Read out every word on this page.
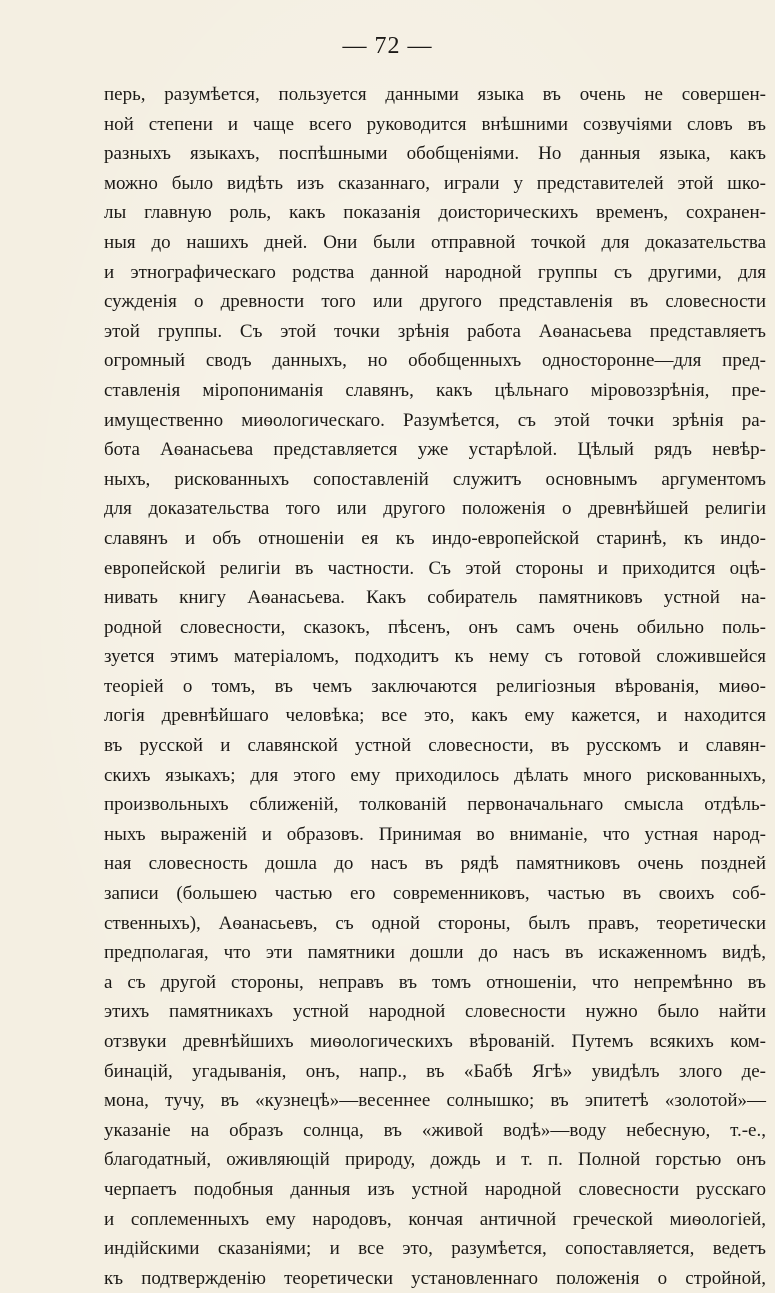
— 72 —
перь, разумѣется, пользуется данными языка въ очень не совершен-
ной степени и чаще всего руководится внѣшними созвучіями словъ въ
разныхъ языкахъ, поспѣшными обобщеніями. Но данныя языка, какъ
можно было видѣть изъ сказаннаго, играли у представителей этой шко-
лы главную роль, какъ показанія доисторическихъ временъ, сохранен-
ныя до нашихъ дней. Они были отправной точкой для доказательства
и этнографическаго родства данной народной группы съ другими, для
сужденія о древности того или другого представленія въ словесности
этой группы. Съ этой точки зрѣнія работа Аѳанасьева представляетъ
огромный сводъ данныхъ, но обобщенныхъ односторонне—для пред-
ставленія міропониманія славянъ, какъ цѣльнаго міровоззрѣнія, пре-
имущественно миѳологическаго. Разумѣется, съ этой точки зрѣнія ра-
бота Аѳанасьева представляется уже устарѣлой. Цѣлый рядъ невѣр-
ныхъ, рискованныхъ сопоставленій служитъ основнымъ аргументомъ
для доказательства того или другого положенія о древнѣйшей религіи
славянъ и объ отношеніи ея къ индо-европейской старинѣ, къ индо-
европейской религіи въ частности. Съ этой стороны и приходится оцѣ-
нивать книгу Аѳанасьева. Какъ собиратель памятниковъ устной на-
родной словесности, сказокъ, пѣсенъ, онъ самъ очень обильно поль-
зуется этимъ матеріаломъ, подходитъ къ нему съ готовой сложившейся
теоріей о томъ, въ чемъ заключаются религіозныя вѣрованія, миѳо-
логія древнѣйшаго человѣка; все это, какъ ему кажется, и находится
въ русской и славянской устной словесности, въ русскомъ и славян-
скихъ языкахъ; для этого ему приходилось дѣлать много рискованныхъ,
произвольныхъ сближеній, толкованій первоначальнаго смысла отдѣль-
ныхъ выраженій и образовъ. Принимая во вниманіе, что устная народ-
ная словесность дошла до насъ въ рядѣ памятниковъ очень поздней
записи (большею частью его современниковъ, частью въ своихъ соб-
ственныхъ), Аѳанасьевъ, съ одной стороны, былъ правъ, теоретически
предполагая, что эти памятники дошли до насъ въ искаженномъ видѣ,
а съ другой стороны, неправъ въ томъ отношеніи, что непремѣнно въ
этихъ памятникахъ устной народной словесности нужно было найти
отзвуки древнѣйшихъ миѳологическихъ вѣрованій. Путемъ всякихъ ком-
бинацій, угадыванія, онъ, напр., въ «Бабѣ Ягѣ» увидѣлъ злого де-
мона, тучу, въ «кузнецѣ»—весеннее солнышко; въ эпитетѣ «золотой»—
указаніе на образъ солнца, въ «живой водѣ»—воду небесную, т.-е.,
благодатный, оживляющій природу, дождь и т. п. Полной горстью онъ
черпаетъ подобныя данныя изъ устной народной словесности русскаго
и соплеменныхъ ему народовъ, кончая античной греческой миѳологіей,
индійскими сказаніями; и все это, разумѣется, сопоставляется, ведетъ
къ подтвержденію теоретически установленнаго положенія о стройной,
